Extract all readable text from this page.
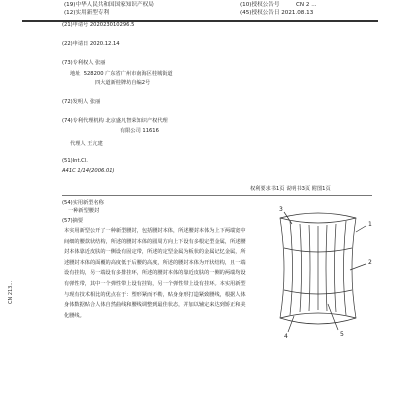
(19)中华人民共和国国家知识产权局
(12)实用新型专利
(10)授权公告号	CN 2 ...
(45)授权公告日 2021.08.13
(21)申请号 202023010296.5
(22)申请日 2020.12.14
(73)专利权人 张丽
地址 528200 广东省广州市南海区桂城街道
四大道新桂牌坊自编2号
(72)发明人 张丽
(74)专利代理机构 北京盛凡智荣知识产权代理
有限公司 11616
代理人 王亢建
(51)Int.Cl.
A41C 1/14(2006.01)
权利要求书1页 说明书3页 附图1页
(54)实用新型名称
一种新型腰封
(57)摘要
本实用新型公开了一种新型腰封，包括腰封本体，所述腰封本体为上下两端宽中间细的腰款状结构，所述的腰封本体的圆周方向上下设有多根定型金属，所述腰封本体靠近皮肤的一侧设有固定带，所述的定型金属为板状的金属记忆金属，所述腰封本体的面覆的高度低于后腰的高度，所述的腰封本体为开状结构，且一端设有挂钩，另一端设有多排挂环，所述的腰封本体的靠近皮肤的一侧的两端均设有弹性带，其中一个弹性带上设有挂钩，另一个弹性带上设有挂环。本实用新型与现有技术相比的优点在于：塑形紧而不勒，贴身身形打造紧致腰线，根据人体身体数据贴合人体自然曲线和腰线调整到最佳状态，并加以辅定来达到矫正和美化腰线。
CN 213...
3
1
2
5
4
